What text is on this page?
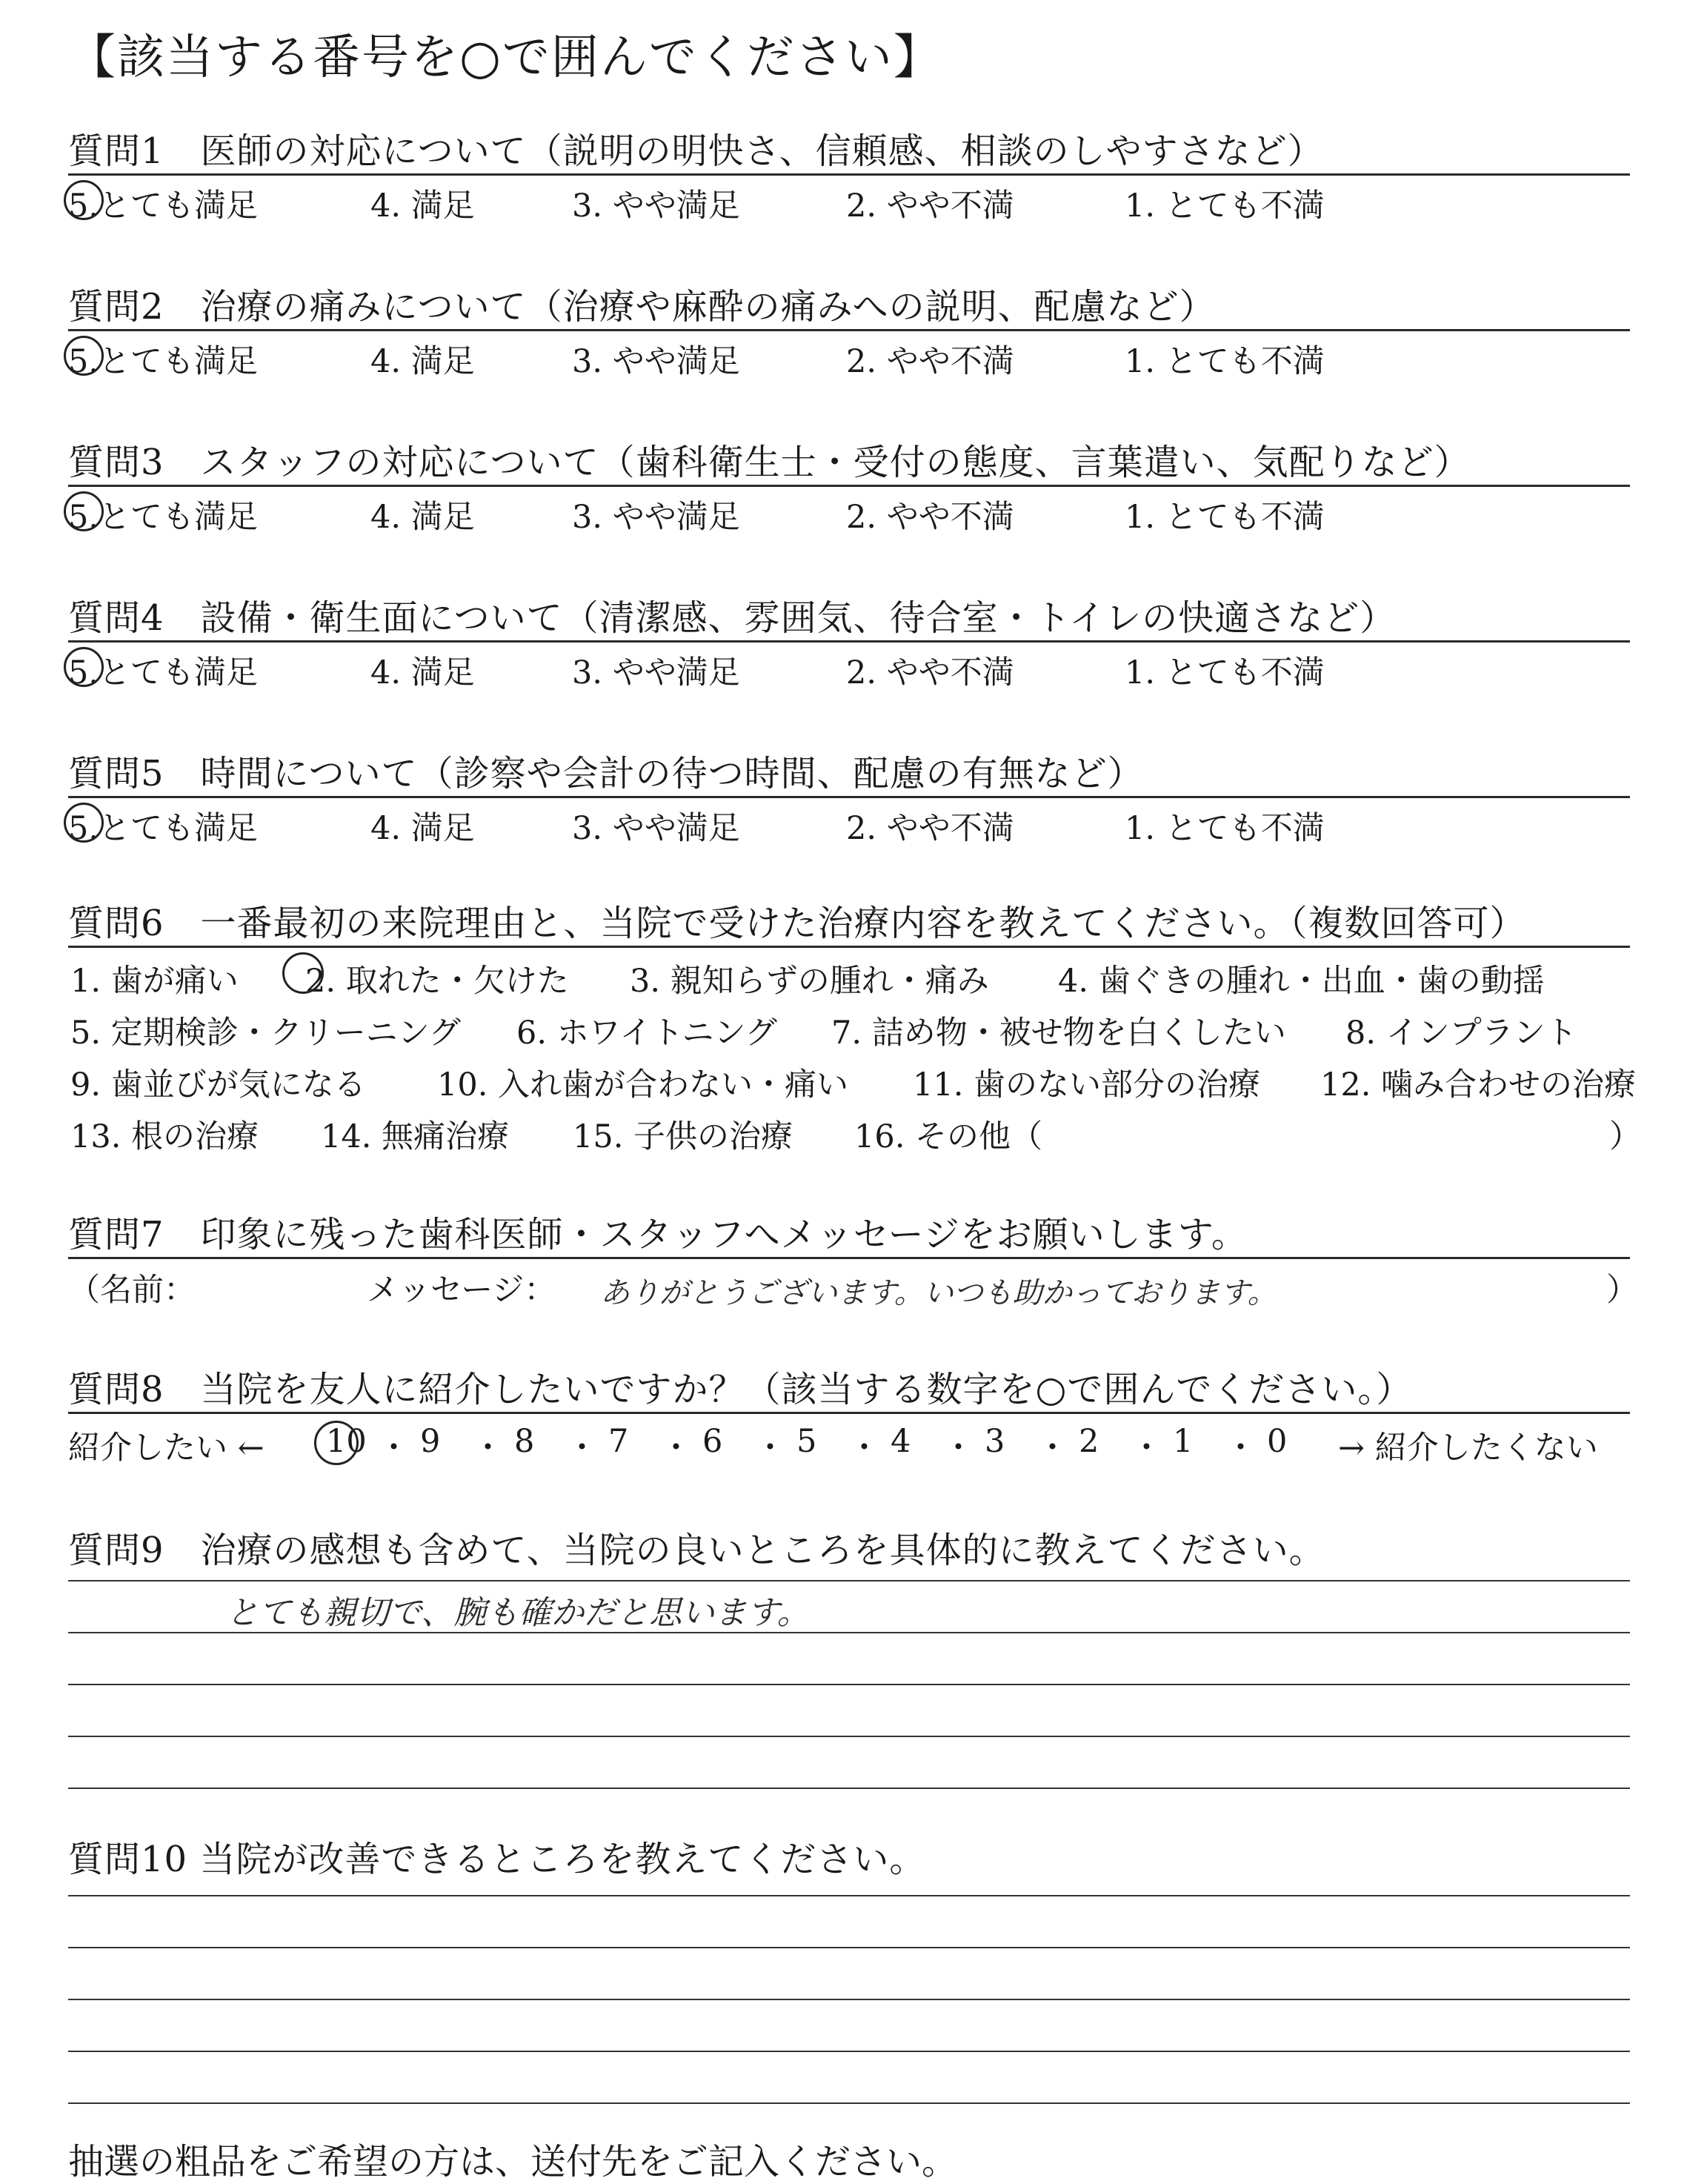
【該当する番号を○で囲んでください】
質問1　医師の対応について（説明の明快さ、信頼感、相談のしやすさなど）
5.とても満足	4. 満足	3. やや満足	2. やや不満	1. とても不満
質問2　治療の痛みについて（治療や麻酔の痛みへの説明、配慮など）
5.とても満足	4. 満足	3. やや満足	2. やや不満	1. とても不満
質問3　スタッフの対応について（歯科衛生士・受付の態度、言葉遣い、気配りなど）
5.とても満足	4. 満足	3. やや満足	2. やや不満	1. とても不満
質問4　設備・衛生面について（清潔感、雰囲気、待合室・トイレの快適さなど）
5.とても満足	4. 満足	3. やや満足	2. やや不満	1. とても不満
質問5　時間について（診察や会計の待つ時間、配慮の有無など）
5.とても満足	4. 満足	3. やや満足	2. やや不満	1. とても不満
質問6　一番最初の来院理由と、当院で受けた治療内容を教えてください。（複数回答可）
1. 歯が痛い 2. 取れた・欠けた 3. 親知らずの腫れ・痛み 4. 歯ぐきの腫れ・出血・歯の動揺
5. 定期検診・クリーニング 6. ホワイトニング 7. 詰め物・被せ物を白くしたい 8. インプラント
9. 歯並びが気になる 10. 入れ歯が合わない・痛い 11. 歯のない部分の治療 12. 噛み合わせの治療
13. 根の治療 14. 無痛治療 15. 子供の治療 16. その他（	）
質問7　印象に残った歯科医師・スタッフへメッセージをお願いします。
（名前：	メッセージ： ありがとうございます。いつも助かっております。	）
質問8　当院を友人に紹介したいですか？（該当する数字を○で囲んでください。）
紹介したい ← 10 ・ 9 ・ 8 ・ 7 ・ 6 ・ 5 ・ 4 ・ 3 ・ 2 ・ 1 ・ 0 → 紹介したくない
質問9　治療の感想も含めて、当院の良いところを具体的に教えてください。
とても親切で、腕も確かだと思います。
質問10 当院が改善できるところを教えてください。
抽選の粗品をご希望の方は、送付先をご記入ください。
